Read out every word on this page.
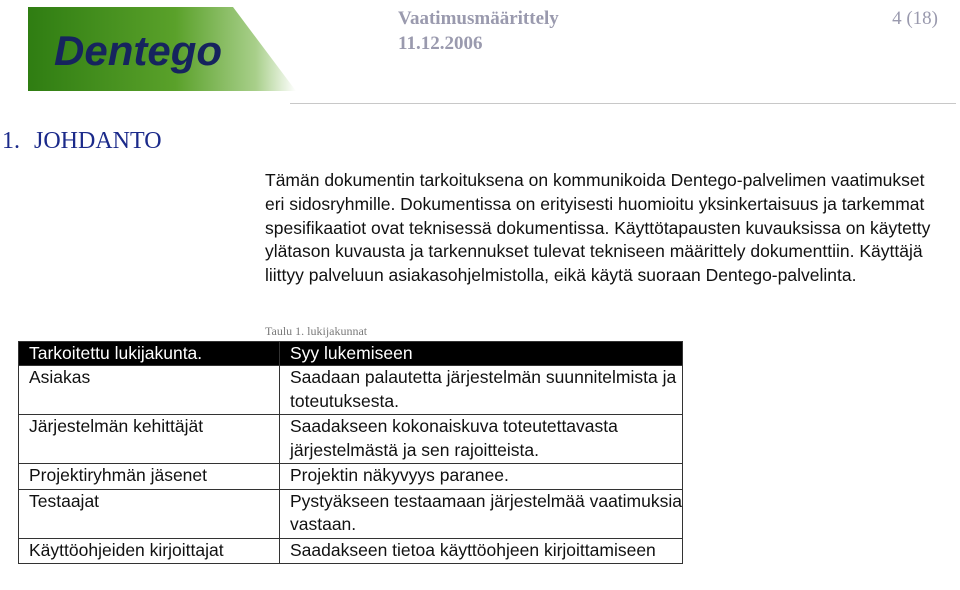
Dentego
Vaatimusmäärittely
11.12.2006
4 (18)
1. JOHDANTO

Tämän dokumentin tarkoituksena on kommunikoida Dentego-palvelimen vaatimukset eri sidosryhmille. Dokumentissa on erityisesti huomioitu yksinkertaisuus ja tarkemmat spesifikaatiot ovat teknisessä dokumentissa. Käyttötapausten kuvauksissa on käytetty ylätason kuvausta ja tarkennukset tulevat tekniseen määrittely dokumenttiin. Käyttäjä liittyy palveluun asiakasohjelmistolla, eikä käytä suoraan Dentego-palvelinta.

Taulu 1. lukijakunnat
Tarkoitettu lukijakunta.	Syy lukemiseen
Asiakas	Saadaan palautetta järjestelmän suunnitelmista ja toteutuksesta.
Järjestelmän kehittäjät	Saadakseen kokonaiskuva toteutettavasta järjestelmästä ja sen rajoitteista.
Projektiryhmän jäsenet	Projektin näkyvyys paranee.
Testaajat	Pystyäkseen testaamaan järjestelmää vaatimuksia vastaan.
Käyttöohjeiden kirjoittajat	Saadakseen tietoa käyttöohjeen kirjoittamiseen
